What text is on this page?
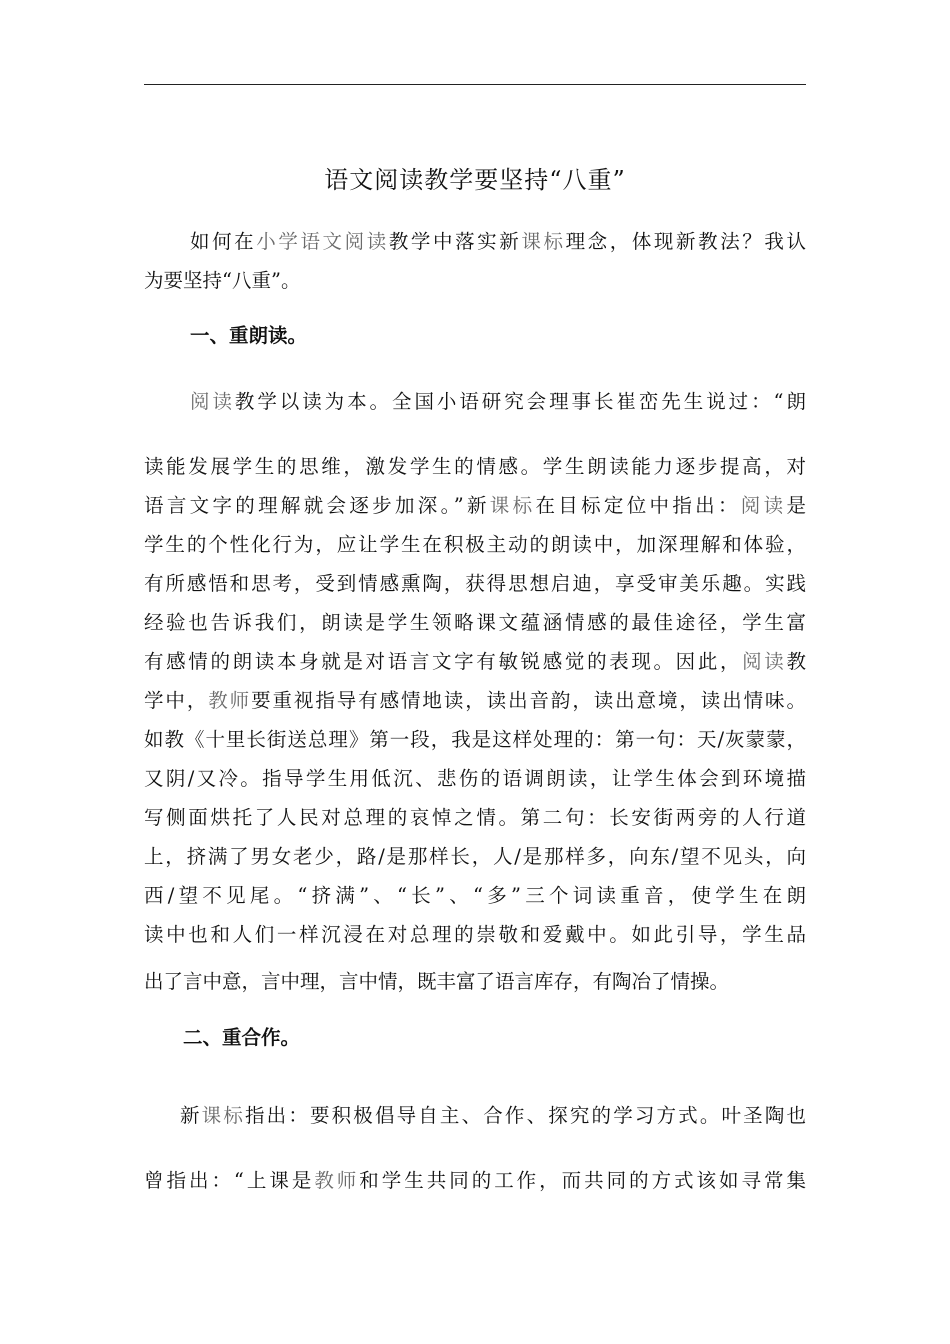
语文阅读教学要坚持“八重”
如何在小学语文阅读教学中落实新课标理念，体现新教法？我认
为要坚持“八重”。
一、重朗读。
阅读教学以读为本。全国小语研究会理事长崔峦先生说过：“朗
读能发展学生的思维，激发学生的情感。学生朗读能力逐步提高，对
语言文字的理解就会逐步加深。”新课标在目标定位中指出：阅读是
学生的个性化行为，应让学生在积极主动的朗读中，加深理解和体验，
有所感悟和思考，受到情感熏陶，获得思想启迪，享受审美乐趣。实践
经验也告诉我们，朗读是学生领略课文蕴涵情感的最佳途径，学生富
有感情的朗读本身就是对语言文字有敏锐感觉的表现。因此，阅读教
学中，教师要重视指导有感情地读，读出音韵，读出意境，读出情味。
如教《十里长街送总理》第一段，我是这样处理的：第一句：天/灰蒙蒙，
又阴/又冷。指导学生用低沉、悲伤的语调朗读，让学生体会到环境描
写侧面烘托了人民对总理的哀悼之情。第二句：长安街两旁的人行道
上，挤满了男女老少，路/是那样长，人/是那样多，向东/望不见头，向
西/望不见尾。“挤满”、“长”、“多”三个词读重音，使学生在朗
读中也和人们一样沉浸在对总理的崇敬和爱戴中。如此引导，学生品
出了言中意，言中理，言中情，既丰富了语言库存，有陶冶了情操。
二、重合作。
新课标指出：要积极倡导自主、合作、探究的学习方式。叶圣陶也
曾指出：“上课是教师和学生共同的工作，而共同的方式该如寻常集
